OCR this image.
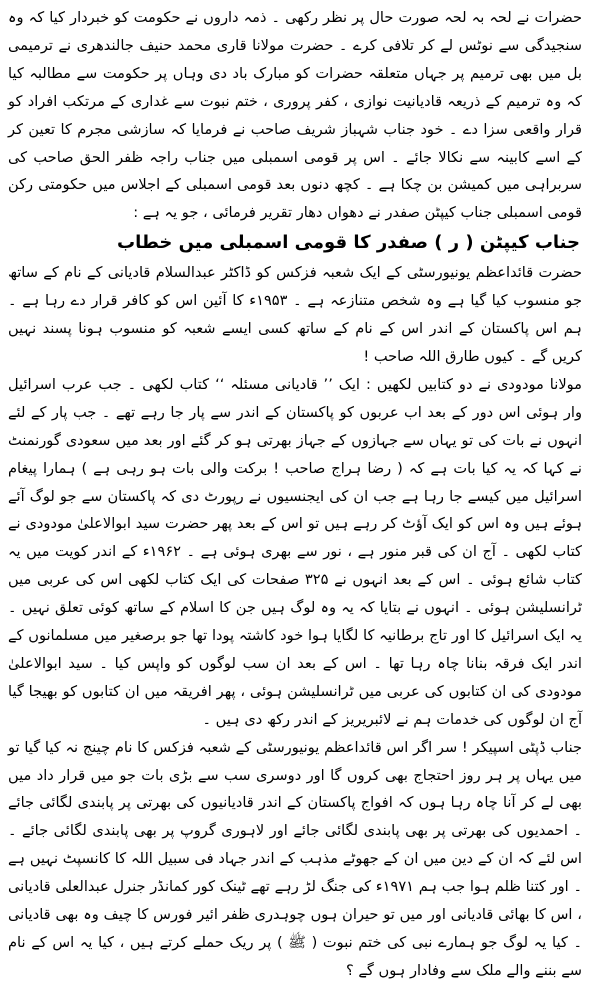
حضرات نے لحہ بہ لحہ صورت حال پر نظر رکھی ۔ ذمہ داروں نے حکومت کو خبردار کیا کہ وہ سنجیدگی سے نوٹس لے کر تلافی کرے ۔ حضرت مولانا قاری محمد حنیف جالندھری نے ترمیمی بل میں بھی ترمیم پر جہاں متعلقہ حضرات کو مبارک باد دی وہاں پر حکومت سے مطالبہ کیا کہ وہ ترمیم کے ذریعہ قادیانیت نوازی ، کفر پروری ، ختم نبوت سے غداری کے مرتکب افراد کو قرار واقعی سزا دے ۔ خود جناب شہباز شریف صاحب نے فرمایا کہ سازشی مجرم کا تعین کر کے اسے کابینہ سے نکالا جائے ۔ اس پر قومی اسمبلی میں جناب راجہ ظفر الحق صاحب کی سربراہی میں کمیشن بن چکا ہے ۔ کچھ دنوں بعد قومی اسمبلی کے اجلاس میں حکومتی رکن قومی اسمبلی جناب کیپٹن صفدر نے دھواں دھار تقریر فرمائی ، جو یہ ہے :

جناب کیپٹن ( ر ) صفدر کا قومی اسمبلی میں خطاب

حضرت قائداعظم یونیورسٹی کے ایک شعبہ فزکس کو ڈاکٹر عبدالسلام قادیانی کے نام کے ساتھ جو منسوب کیا گیا ہے وہ شخص متنازعہ ہے ۔ ۱۹۵۳ء کا آئین اس کو کافر قرار دے رہا ہے ۔ ہم اس پاکستان کے اندر اس کے نام کے ساتھ کسی ایسے شعبہ کو منسوب ہونا پسند نہیں کریں گے ۔ کیوں طارق اللہ صاحب !

مولانا مودودی نے دو کتابیں لکھیں : ایک ’’ قادیانی مسئلہ ‘‘ کتاب لکھی ۔ جب عرب اسرائیل وار ہوئی اس دور کے بعد اب عربوں کو پاکستان کے اندر سے پار جا رہے تھے ۔ جب پار کے لئے انہوں نے بات کی تو یہاں سے جہازوں کے جہاز بھرتی ہو کر گئے اور بعد میں سعودی گورنمنٹ نے کہا کہ یہ کیا بات ہے کہ ( رضا ہراج صاحب ! برکت والی بات ہو رہی ہے ) ہمارا پیغام اسرائیل میں کیسے جا رہا ہے جب ان کی ایجنسیوں نے رپورٹ دی کہ پاکستان سے جو لوگ آئے ہوئے ہیں وہ اس کو ایک آؤٹ کر رہے ہیں تو اس کے بعد پھر حضرت سید ابوالاعلیٰ مودودی نے کتاب لکھی ۔ آج ان کی قبر منور ہے ، نور سے بھری ہوئی ہے ۔ ۱۹۶۲ء کے اندر کویت میں یہ کتاب شائع ہوئی ۔ اس کے بعد انہوں نے ۳۲۵ صفحات کی ایک کتاب لکھی اس کی عربی میں ٹرانسلیشن ہوئی ۔ انہوں نے بتایا کہ یہ وہ لوگ ہیں جن کا اسلام کے ساتھ کوئی تعلق نہیں ۔ یہ ایک اسرائیل کا اور تاج برطانیہ کا لگایا ہوا خود کاشتہ پودا تھا جو برصغیر میں مسلمانوں کے اندر ایک فرقہ بنانا چاہ رہا تھا ۔ اس کے بعد ان سب لوگوں کو واپس کیا ۔ سید ابوالاعلیٰ مودودی کی ان کتابوں کی عربی میں ٹرانسلیشن ہوئی ، پھر افریقہ میں ان کتابوں کو بھیجا گیا آج ان لوگوں کی خدمات ہم نے لائبریریز کے اندر رکھ دی ہیں ۔

جناب ڈپٹی اسپیکر ! سر اگر اس قائداعظم یونیورسٹی کے شعبہ فزکس کا نام چینج نہ کیا گیا تو میں یہاں پر ہر روز احتجاج بھی کروں گا اور دوسری سب سے بڑی بات جو میں قرار داد میں بھی لے کر آنا چاہ رہا ہوں کہ افواج پاکستان کے اندر قادیانیوں کی بھرتی پر پابندی لگائی جائے ۔ احمدیوں کی بھرتی پر بھی پابندی لگائی جائے اور لاہوری گروپ پر بھی پابندی لگائی جائے ۔ اس لئے کہ ان کے دین میں ان کے جھوٹے مذہب کے اندر جہاد فی سبیل اللہ کا کانسپٹ نہیں ہے ۔ اور کتنا ظلم ہوا جب ہم ۱۹۷۱ء کی جنگ لڑ رہے تھے ٹینک کور کمانڈر جنرل عبدالعلی قادیانی ، اس کا بھائی قادیانی اور میں تو حیران ہوں چوہدری ظفر ائیر فورس کا چیف وہ بھی قادیانی ۔ کیا یہ لوگ جو ہمارے نبی کی ختم نبوت ( ﷺ ) پر ریک حملے کرتے ہیں ، کیا یہ اس کے نام سے بننے والے ملک سے وفادار ہوں گے ؟
